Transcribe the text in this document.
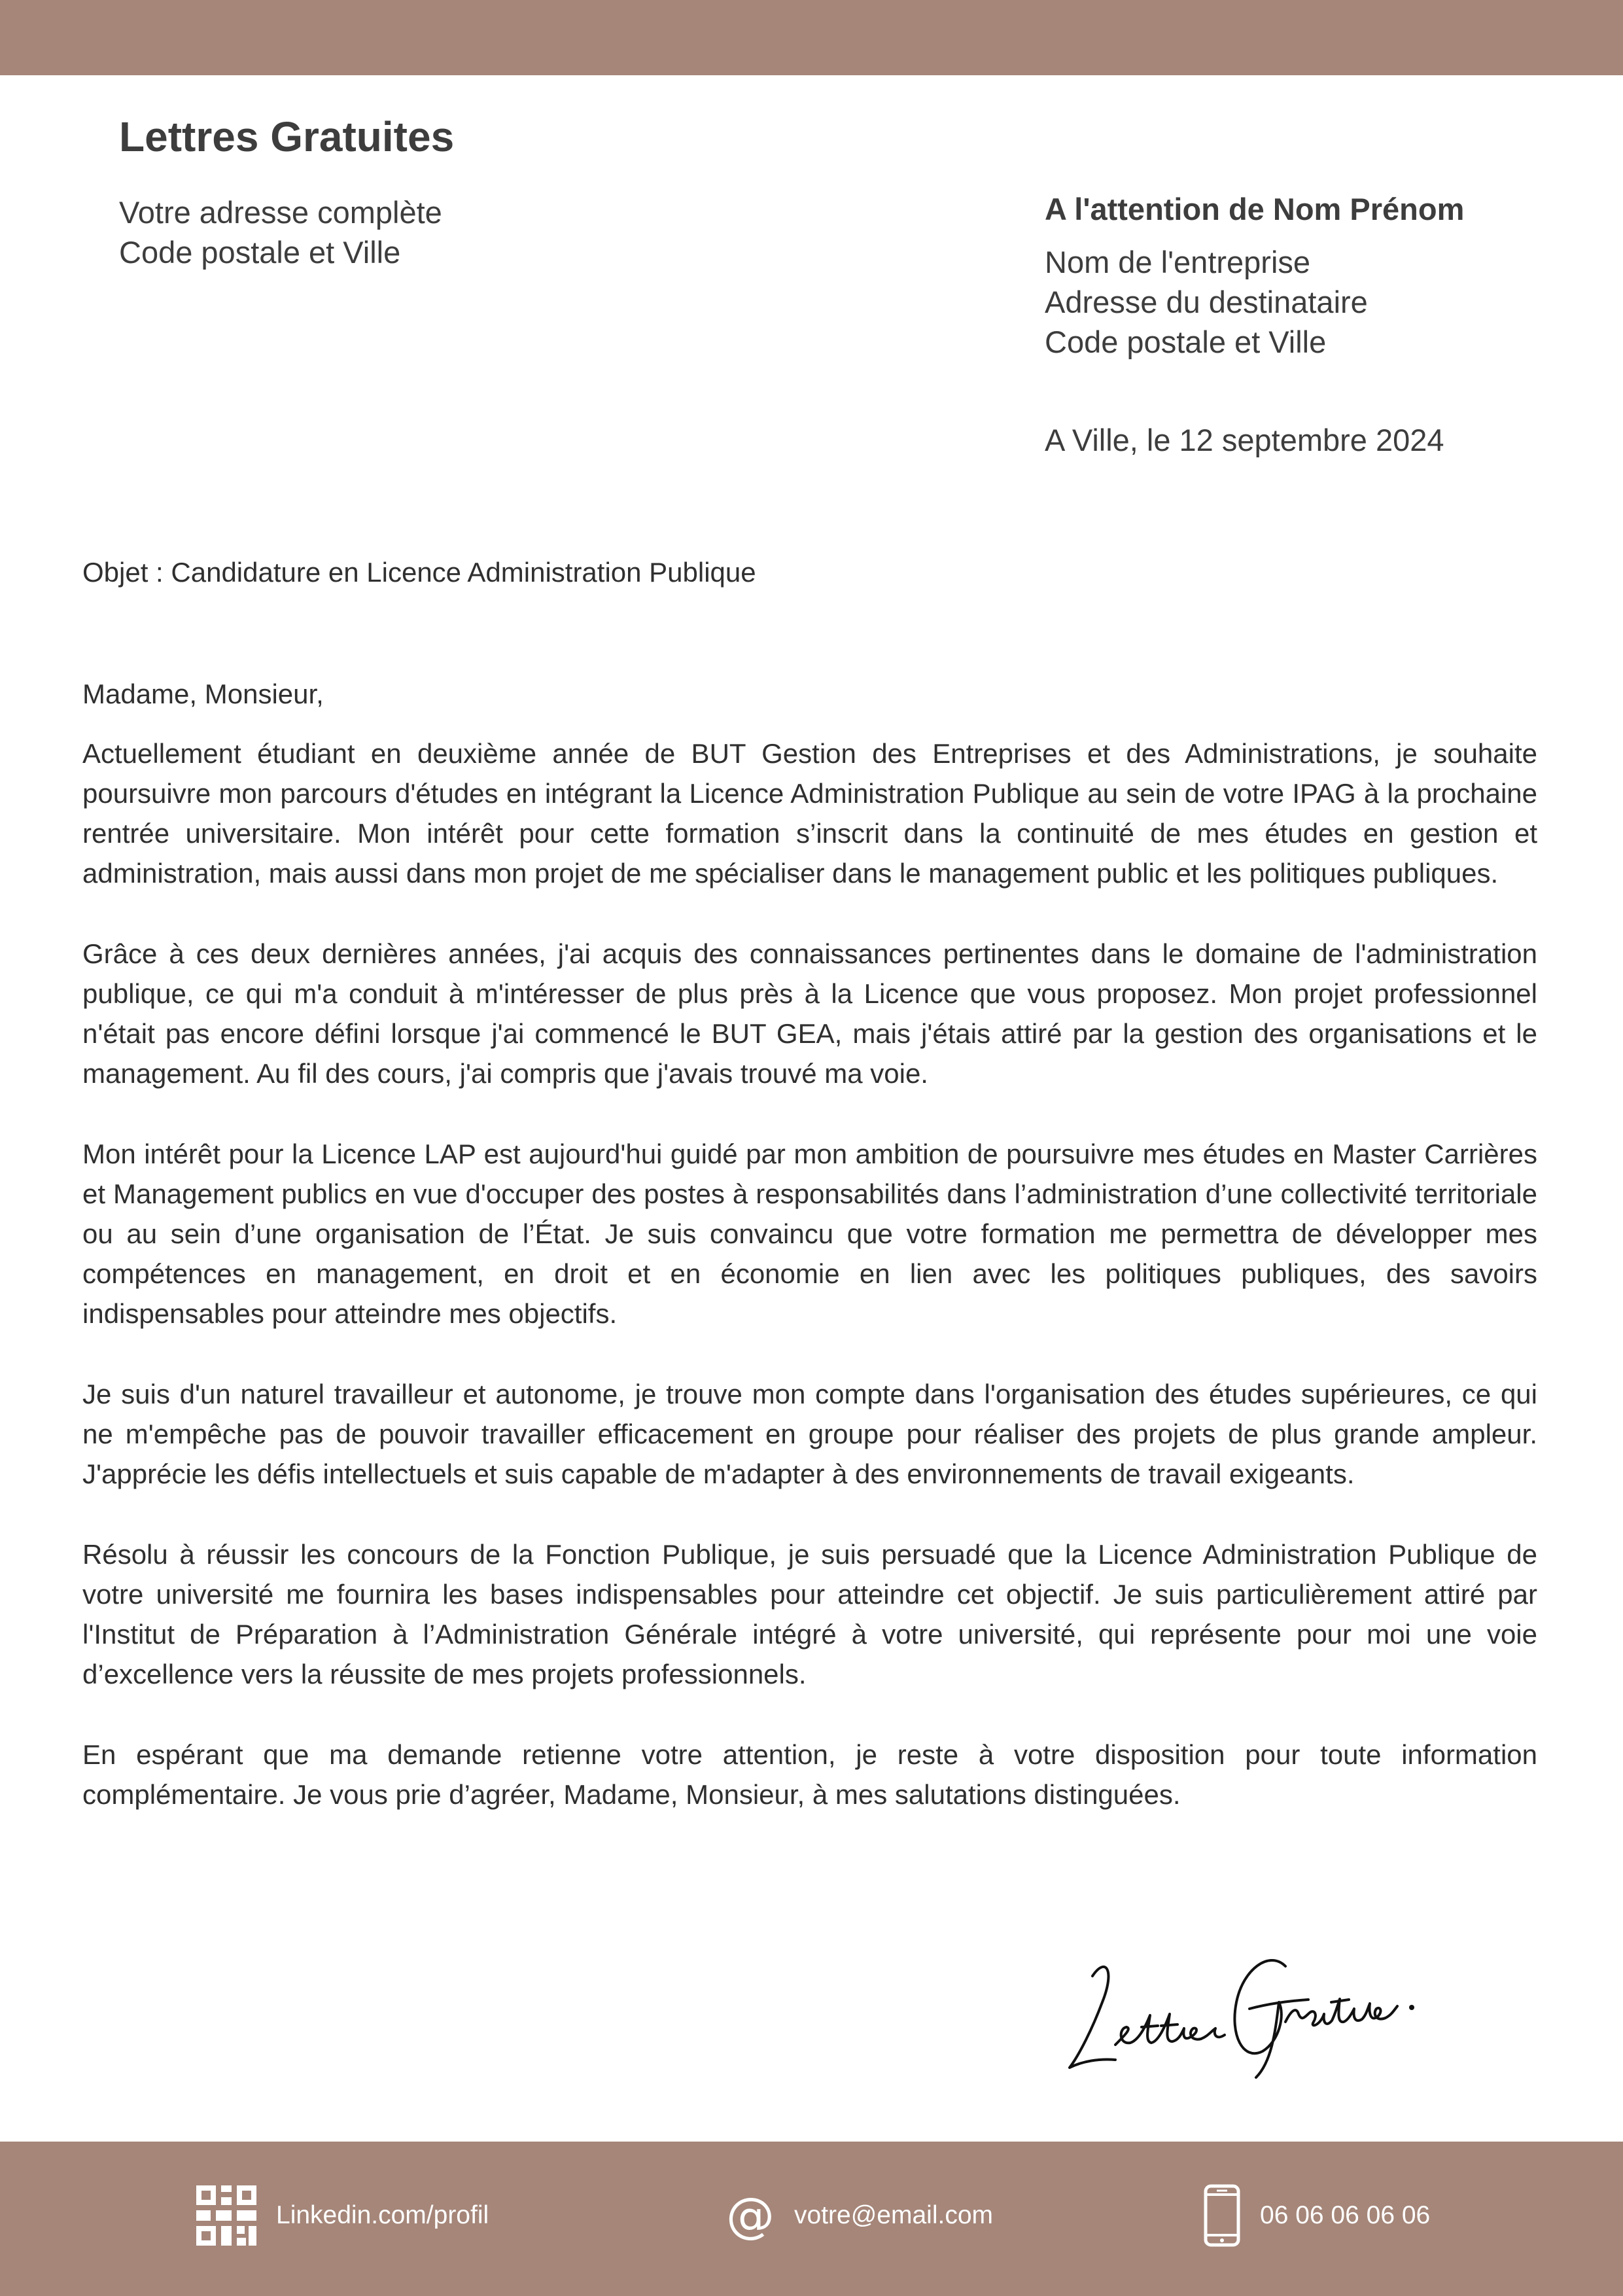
Lettres Gratuites
Votre adresse complète
Code postale et Ville
A l'attention de Nom Prénom
Nom de l'entreprise
Adresse du destinataire
Code postale et Ville
A Ville, le 12 septembre 2024
Objet : Candidature en Licence Administration Publique

Madame, Monsieur,

Actuellement étudiant en deuxième année de BUT Gestion des Entreprises et des Administrations, je souhaite poursuivre mon parcours d'études en intégrant la Licence Administration Publique au sein de votre IPAG à la prochaine rentrée universitaire. Mon intérêt pour cette formation s’inscrit dans la continuité de mes études en gestion et administration, mais aussi dans mon projet de me spécialiser dans le management public et les politiques publiques.

Grâce à ces deux dernières années, j'ai acquis des connaissances pertinentes dans le domaine de l'administration publique, ce qui m'a conduit à m'intéresser de plus près à la Licence que vous proposez. Mon projet professionnel n'était pas encore défini lorsque j'ai commencé le BUT GEA, mais j'étais attiré par la gestion des organisations et le management. Au fil des cours, j'ai compris que j'avais trouvé ma voie.

Mon intérêt pour la Licence LAP est aujourd'hui guidé par mon ambition de poursuivre mes études en Master Carrières et Management publics en vue d'occuper des postes à responsabilités dans l’administration d’une collectivité territoriale ou au sein d’une organisation de l’État. Je suis convaincu que votre formation me permettra de développer mes compétences en management, en droit et en économie en lien avec les politiques publiques, des savoirs indispensables pour atteindre mes objectifs.

Je suis d'un naturel travailleur et autonome, je trouve mon compte dans l'organisation des études supérieures, ce qui ne m'empêche pas de pouvoir travailler efficacement en groupe pour réaliser des projets de plus grande ampleur. J'apprécie les défis intellectuels et suis capable de m'adapter à des environnements de travail exigeants.

Résolu à réussir les concours de la Fonction Publique, je suis persuadé que la Licence Administration Publique de votre université me fournira les bases indispensables pour atteindre cet objectif. Je suis particulièrement attiré par l'Institut de Préparation à l’Administration Générale intégré à votre université, qui représente pour moi une voie d’excellence vers la réussite de mes projets professionnels.

En espérant que ma demande retienne votre attention, je reste à votre disposition pour toute information complémentaire. Je vous prie d’agréer, Madame, Monsieur, à mes salutations distinguées.

Linkedin.com/profil	@ votre@email.com	06 06 06 06 06
